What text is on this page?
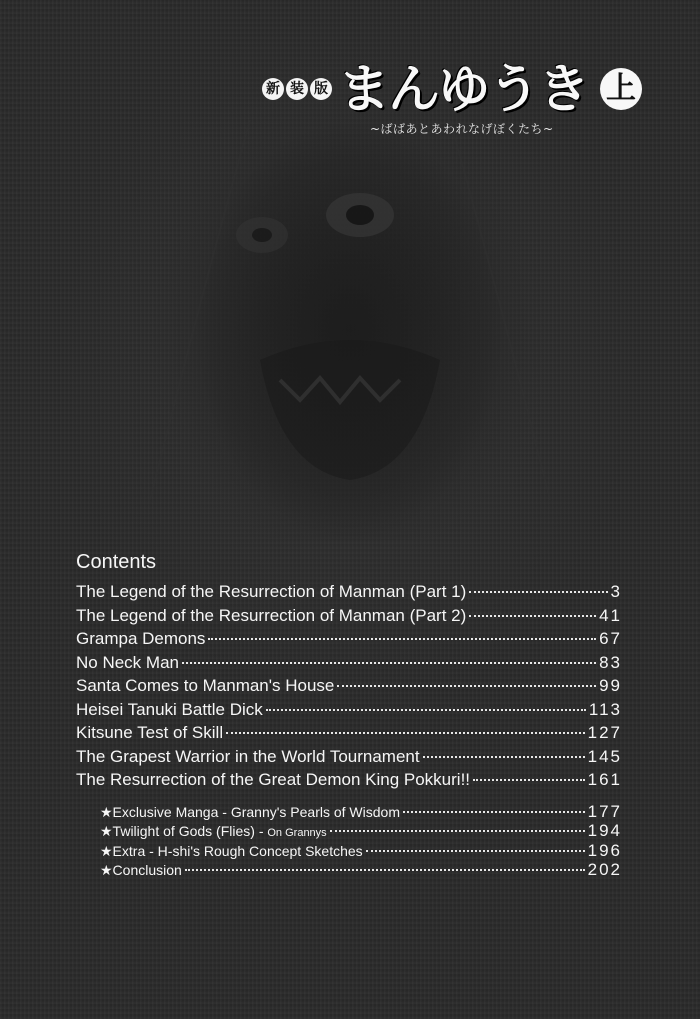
新 装 版 まんゆうき 上
~ばばあとあわれなげぼくたち~
Contents
The Legend of the Resurrection of Manman (Part 1)	3
The Legend of the Resurrection of Manman (Part 2)	41
Grampa Demons	67
No Neck Man	83
Santa Comes to Manman's House	99
Heisei Tanuki Battle Dick	113
Kitsune Test of Skill	127
The Grapest Warrior in the World Tournament	145
The Resurrection of the Great Demon King Pokkuri!!	161
★Exclusive Manga - Granny's Pearls of Wisdom	177
★Twilight of Gods (Flies) - On Grannys	194
★Extra - H-shi's Rough Concept Sketches	196
★Conclusion	202
